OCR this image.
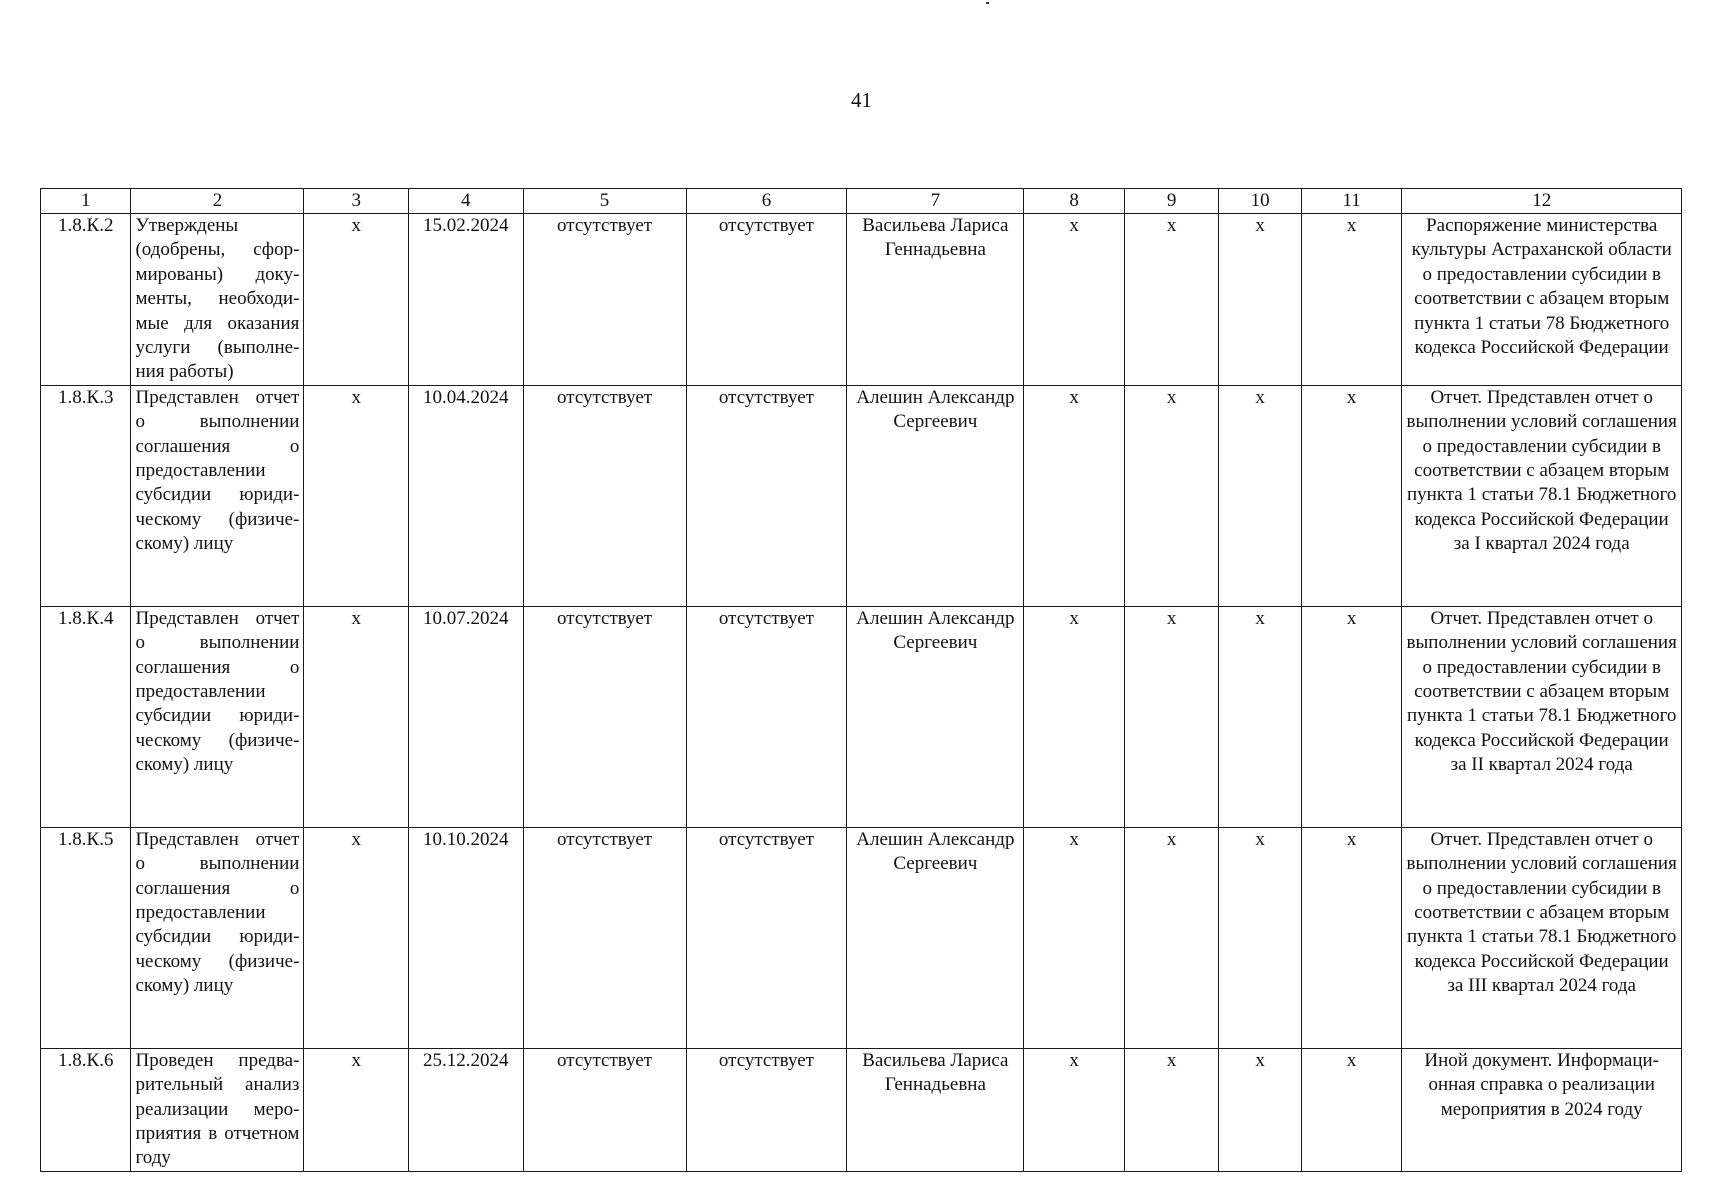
41
1	2	3	4	5	6	7	8	9	10	11	12
1.8.К.2	Утверждены (одобрены, сформированы) документы, необходимые для оказания услуги (выполнения работы)	х	15.02.2024	отсутствует	отсутствует	Васильева Лариса Геннадьевна	х	х	х	х	Распоряжение министерства культуры Астраханской области о предоставлении субсидии в соответствии с абзацем вторым пункта 1 статьи 78 Бюджетного кодекса Российской Федерации
1.8.К.3	Представлен отчет о выполнении соглашения о предоставлении субсидии юридическому (физическому) лицу	х	10.04.2024	отсутствует	отсутствует	Алешин Александр Сергеевич	х	х	х	х	Отчет. Представлен отчет о выполнении условий соглашения о предоставлении субсидии в соответствии с абзацем вторым пункта 1 статьи 78.1 Бюджетного кодекса Российской Федерации за I квартал 2024 года
1.8.К.4	Представлен отчет о выполнении соглашения о предоставлении субсидии юридическому (физическому) лицу	х	10.07.2024	отсутствует	отсутствует	Алешин Александр Сергеевич	х	х	х	х	Отчет. Представлен отчет о выполнении условий соглашения о предоставлении субсидии в соответствии с абзацем вторым пункта 1 статьи 78.1 Бюджетного кодекса Российской Федерации за II квартал 2024 года
1.8.К.5	Представлен отчет о выполнении соглашения о предоставлении субсидии юридическому (физическому) лицу	х	10.10.2024	отсутствует	отсутствует	Алешин Александр Сергеевич	х	х	х	х	Отчет. Представлен отчет о выполнении условий соглашения о предоставлении субсидии в соответствии с абзацем вторым пункта 1 статьи 78.1 Бюджетного кодекса Российской Федерации за III квартал 2024 года
1.8.К.6	Проведен предварительный анализ реализации мероприятия в отчетном году	х	25.12.2024	отсутствует	отсутствует	Васильева Лариса Геннадьевна	х	х	х	х	Иной документ. Информационная справка о реализации мероприятия в 2024 году
